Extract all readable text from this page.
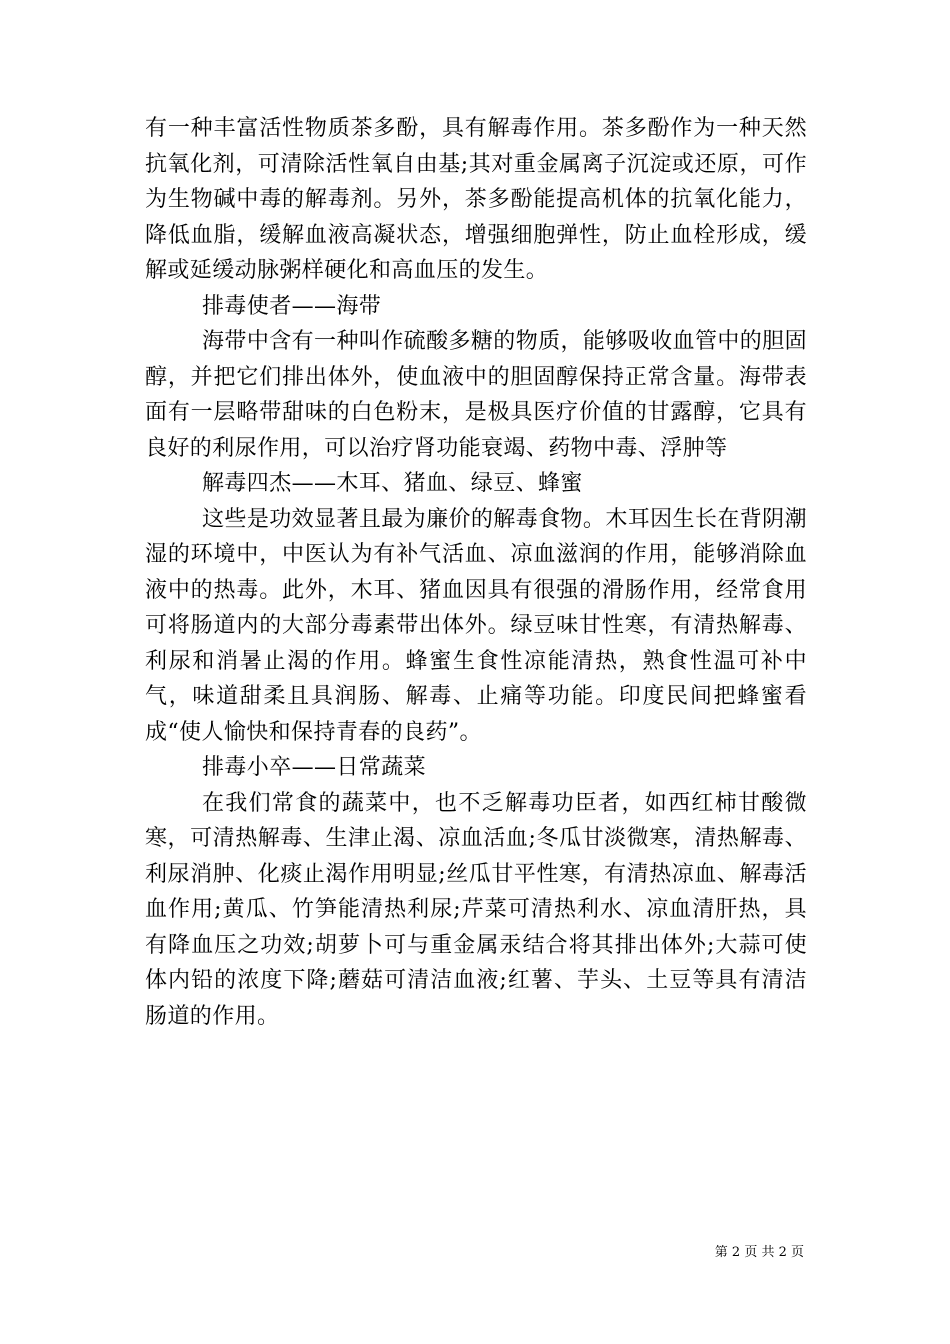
有一种丰富活性物质茶多酚，具有解毒作用。茶多酚作为一种天然抗氧化剂，可清除活性氧自由基;其对重金属离子沉淀或还原，可作为生物碱中毒的解毒剂。另外，茶多酚能提高机体的抗氧化能力，降低血脂，缓解血液高凝状态，增强细胞弹性，防止血栓形成，缓解或延缓动脉粥样硬化和高血压的发生。

排毒使者——海带

海带中含有一种叫作硫酸多糖的物质，能够吸收血管中的胆固醇，并把它们排出体外，使血液中的胆固醇保持正常含量。海带表面有一层略带甜味的白色粉末，是极具医疗价值的甘露醇，它具有良好的利尿作用，可以治疗肾功能衰竭、药物中毒、浮肿等

解毒四杰——木耳、猪血、绿豆、蜂蜜

这些是功效显著且最为廉价的解毒食物。木耳因生长在背阴潮湿的环境中，中医认为有补气活血、凉血滋润的作用，能够消除血液中的热毒。此外，木耳、猪血因具有很强的滑肠作用，经常食用可将肠道内的大部分毒素带出体外。绿豆味甘性寒，有清热解毒、利尿和消暑止渴的作用。蜂蜜生食性凉能清热，熟食性温可补中气，味道甜柔且具润肠、解毒、止痛等功能。印度民间把蜂蜜看成“使人愉快和保持青春的良药”。

排毒小卒——日常蔬菜

在我们常食的蔬菜中，也不乏解毒功臣者，如西红柿甘酸微寒，可清热解毒、生津止渴、凉血活血;冬瓜甘淡微寒，清热解毒、利尿消肿、化痰止渴作用明显;丝瓜甘平性寒，有清热凉血、解毒活血作用;黄瓜、竹笋能清热利尿;芹菜可清热利水、凉血清肝热，具有降血压之功效;胡萝卜可与重金属汞结合将其排出体外;大蒜可使体内铅的浓度下降;蘑菇可清洁血液;红薯、芋头、土豆等具有清洁肠道的作用。

第 2 页 共 2 页
